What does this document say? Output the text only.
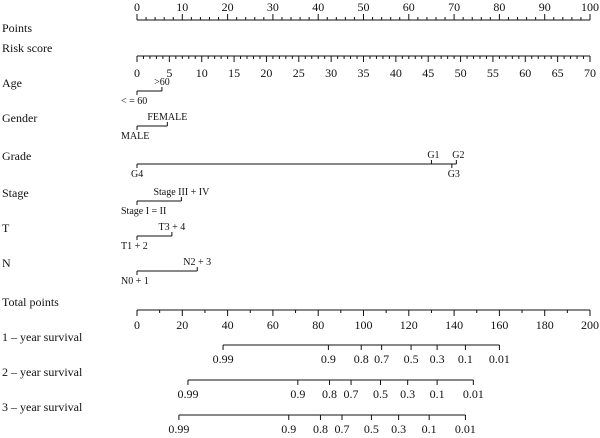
Points
0	10	20	30	40	50	60	70	80	90	100
Risk score
0 5 10 15 20 25 30 35 40 45 50 55 60 65 70
Age
< = 60
>60
Gender
MALE
FEMALE
Grade
G4
G1 G2
G3
Stage
Stage I = II
Stage III + IV
T
T1 + 2
T3 + 4
N
N0 + 1
N2 + 3
Total points
0	20	40	60	80	100 120 140 160 180 200
1 – year survival
0.99	0.9 0.8 0.7 0.5 0.3 0.1 0.01
2 – year survival
0.99	0.9 0.8 0.7 0.5 0.3 0.1 0.01
3 – year survival
0.99	0.9 0.8 0.7 0.5 0.3 0.1 0.01
